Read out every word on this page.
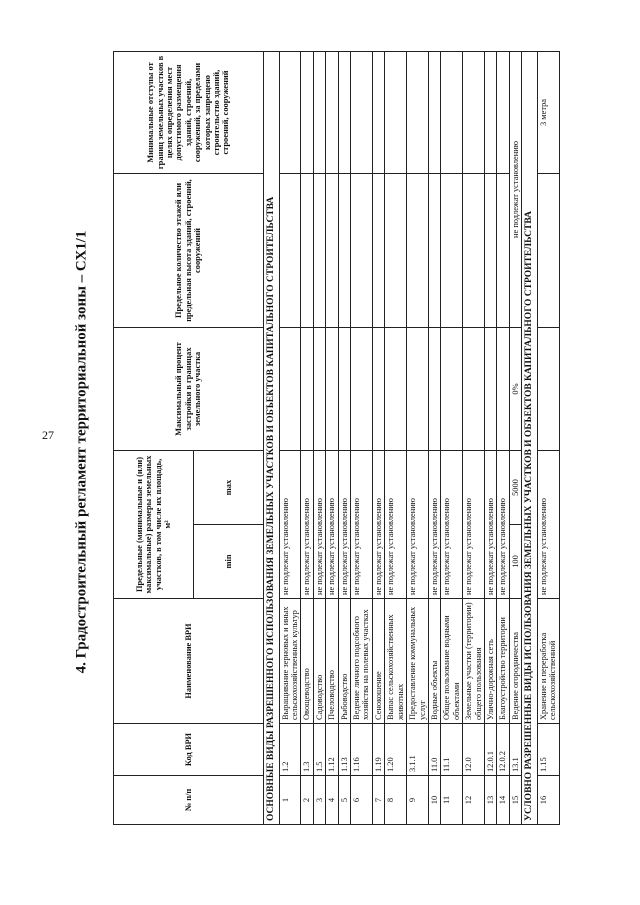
27 4. Градостроительный регламент территориальной зоны – СХ1/1
№ п/п	Код ВРИ	Наименование ВРИ	Предельные (минимальные и (или) максимальные) размеры земельных участков, в том числе их площадь, м²		Максимальный процент застройки в границах земельного участка	Предельное количество этажей или предельная высота зданий, строений, сооружений	Минимальные отступы от границ земельных участков в целях определения мест допустимого размещения зданий, строений, сооружений, за пределами которых запрещено строительство зданий, строений, сооружений
			min	max			
ОСНОВНЫЕ ВИДЫ РАЗРЕШЕННОГО ИСПОЛЬЗОВАНИЯ ЗЕМЕЛЬНЫХ УЧАСТКОВ И ОБЪЕКТОВ КАПИТАЛЬНОГО СТРОИТЕЛЬСТВА							
1	1.2	Выращивание зерновых и иных сельскохозяйственных культур	не подлежат установлению				
2	1.3	Овощеводство	не подлежат установлению				
3	1.5	Садоводство	не подлежат установлению				
4	1.12	Пчеловодство	не подлежат установлению				
5	1.13	Рыбоводство	не подлежат установлению				
6	1.16	Ведение личного подсобного хозяйства на полевых участках	не подлежат установлению				
7	1.19	Сенокошение	не подлежат установлению				
8	1.20	Выпас сельскохозяйственных животных	не подлежат установлению				
9	3.1.1	Предоставление коммунальных услуг	не подлежат установлению				
10	11.0	Водные объекты	не подлежат установлению				
11	11.1	Общее пользование водными объектами	не подлежат установлению				
12	12.0	Земельные участки (территории) общего пользования	не подлежат установлению				
13	12.0.1	Улично-дорожная сеть	не подлежат установлению				
14	12.0.2	Благоустройство территории	не подлежат установлению				
15	13.1	Ведение огородничества	100	5000	0%	не подлежат установлению	
УСЛОВНО РАЗРЕШЕННЫЕ ВИДЫ ИСПОЛЬЗОВАНИЯ ЗЕМЕЛЬНЫХ УЧАСТКОВ И ОБЪЕКТОВ КАПИТАЛЬНОГО СТРОИТЕЛЬСТВА							
16	1.15	Хранение и переработка сельскохозяйственной	не подлежат установлению				3 метра
